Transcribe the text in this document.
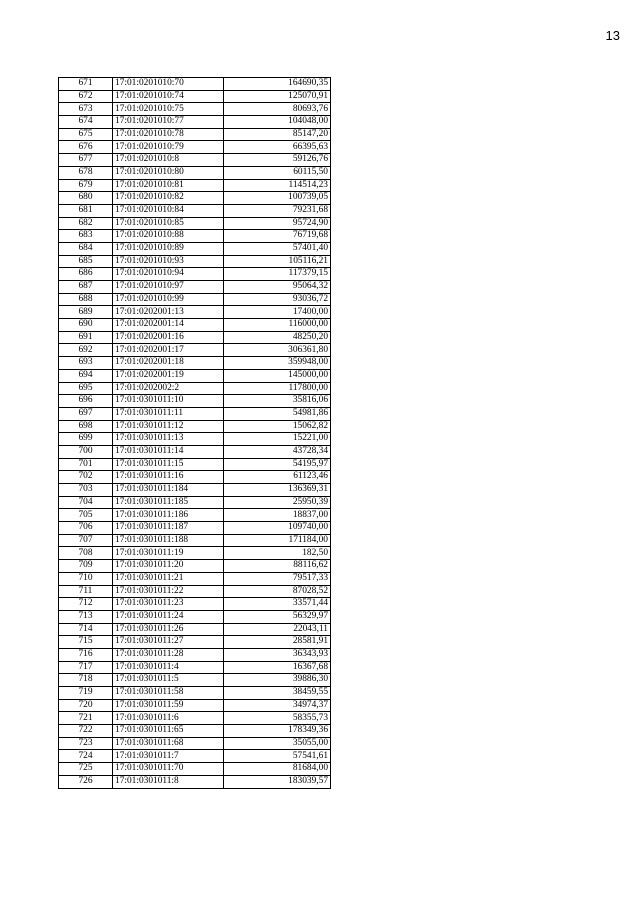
13
671	17:01:0201010:70	164690,35
672	17:01:0201010:74	125070,91
673	17:01:0201010:75	80693,76
674	17:01:0201010:77	104048,00
675	17:01:0201010:78	85147,20
676	17:01:0201010:79	66395,63
677	17:01:0201010:8	59126,76
678	17:01:0201010:80	60115,50
679	17:01:0201010:81	114514,23
680	17:01:0201010:82	100739,05
681	17:01:0201010:84	79231,68
682	17:01:0201010:85	95724,90
683	17:01:0201010:88	76719,68
684	17:01:0201010:89	57401,40
685	17:01:0201010:93	105116,21
686	17:01:0201010:94	117379,15
687	17:01:0201010:97	95064,32
688	17:01:0201010:99	93036,72
689	17:01:0202001:13	17400,00
690	17:01:0202001:14	116000,00
691	17:01:0202001:16	48250,20
692	17:01:0202001:17	306361,80
693	17:01:0202001:18	359948,00
694	17:01:0202001:19	145000,00
695	17:01:0202002:2	117800,00
696	17:01:0301011:10	35816,06
697	17:01:0301011:11	54981,86
698	17:01:0301011:12	15062,82
699	17:01:0301011:13	15221,00
700	17:01:0301011:14	43728,34
701	17:01:0301011:15	54195,97
702	17:01:0301011:16	61123,46
703	17:01:0301011:184	136369,31
704	17:01:0301011:185	25950,39
705	17:01:0301011:186	18837,00
706	17:01:0301011:187	109740,00
707	17:01:0301011:188	171184,00
708	17:01:0301011:19	182,50
709	17:01:0301011:20	88116,62
710	17:01:0301011:21	79517,33
711	17:01:0301011:22	87028,52
712	17:01:0301011:23	33571,44
713	17:01:0301011:24	56329,97
714	17:01:0301011:26	22043,11
715	17:01:0301011:27	28581,91
716	17:01:0301011:28	36343,93
717	17:01:0301011:4	16367,68
718	17:01:0301011:5	39886,30
719	17:01:0301011:58	38459,55
720	17:01:0301011:59	34974,37
721	17:01:0301011:6	58355,73
722	17:01:0301011:65	178349,36
723	17:01:0301011:68	35055,00
724	17:01:0301011:7	57541,61
725	17:01:0301011:70	81684,00
726	17:01:0301011:8	183039,57
